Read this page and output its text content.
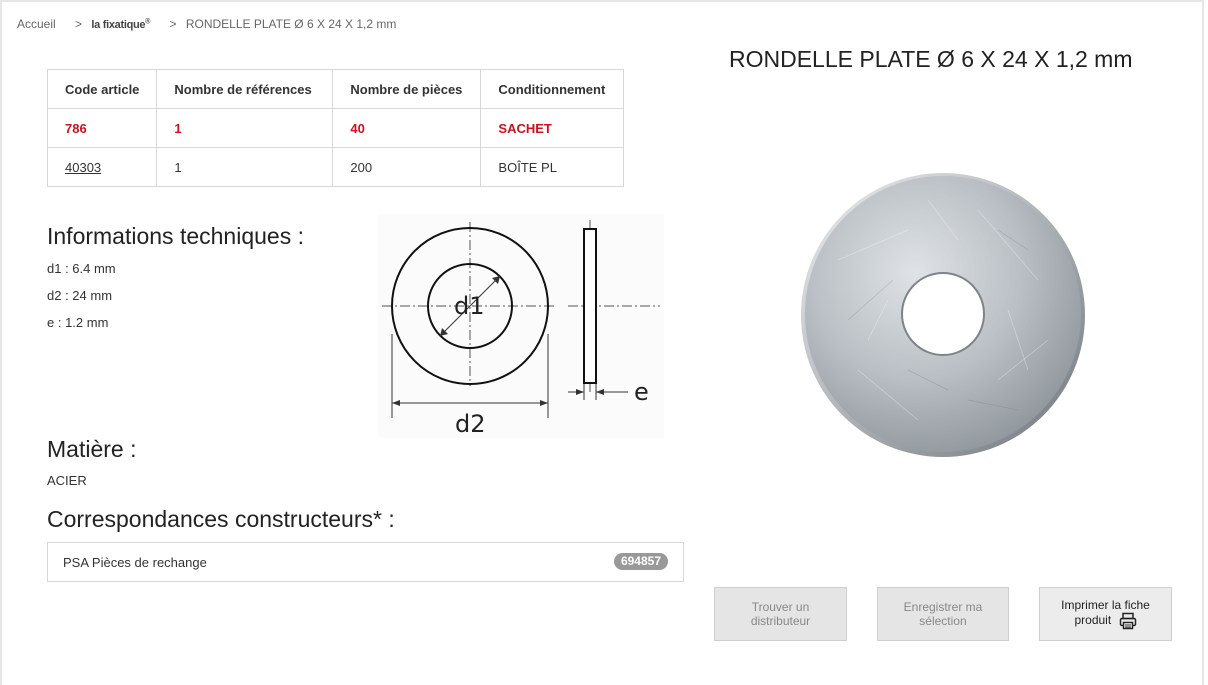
Accueil > la fixatique® > RONDELLE PLATE Ø 6 X 24 X 1,2 mm
RONDELLE PLATE Ø 6 X 24 X 1,2 mm
Code article	Nombre de références	Nombre de pièces	Conditionnement
786	1	40	SACHET
40303	1	200	BOÎTE PL
Informations techniques :
d1 : 6.4 mm
d2 : 24 mm
e : 1.2 mm
d1
d2
e
Matière :
ACIER
Correspondances constructeurs* :
PSA Pièces de rechange	694857
Trouver un
distributeur
Enregistrer ma
sélection
Imprimer la fiche
produit
